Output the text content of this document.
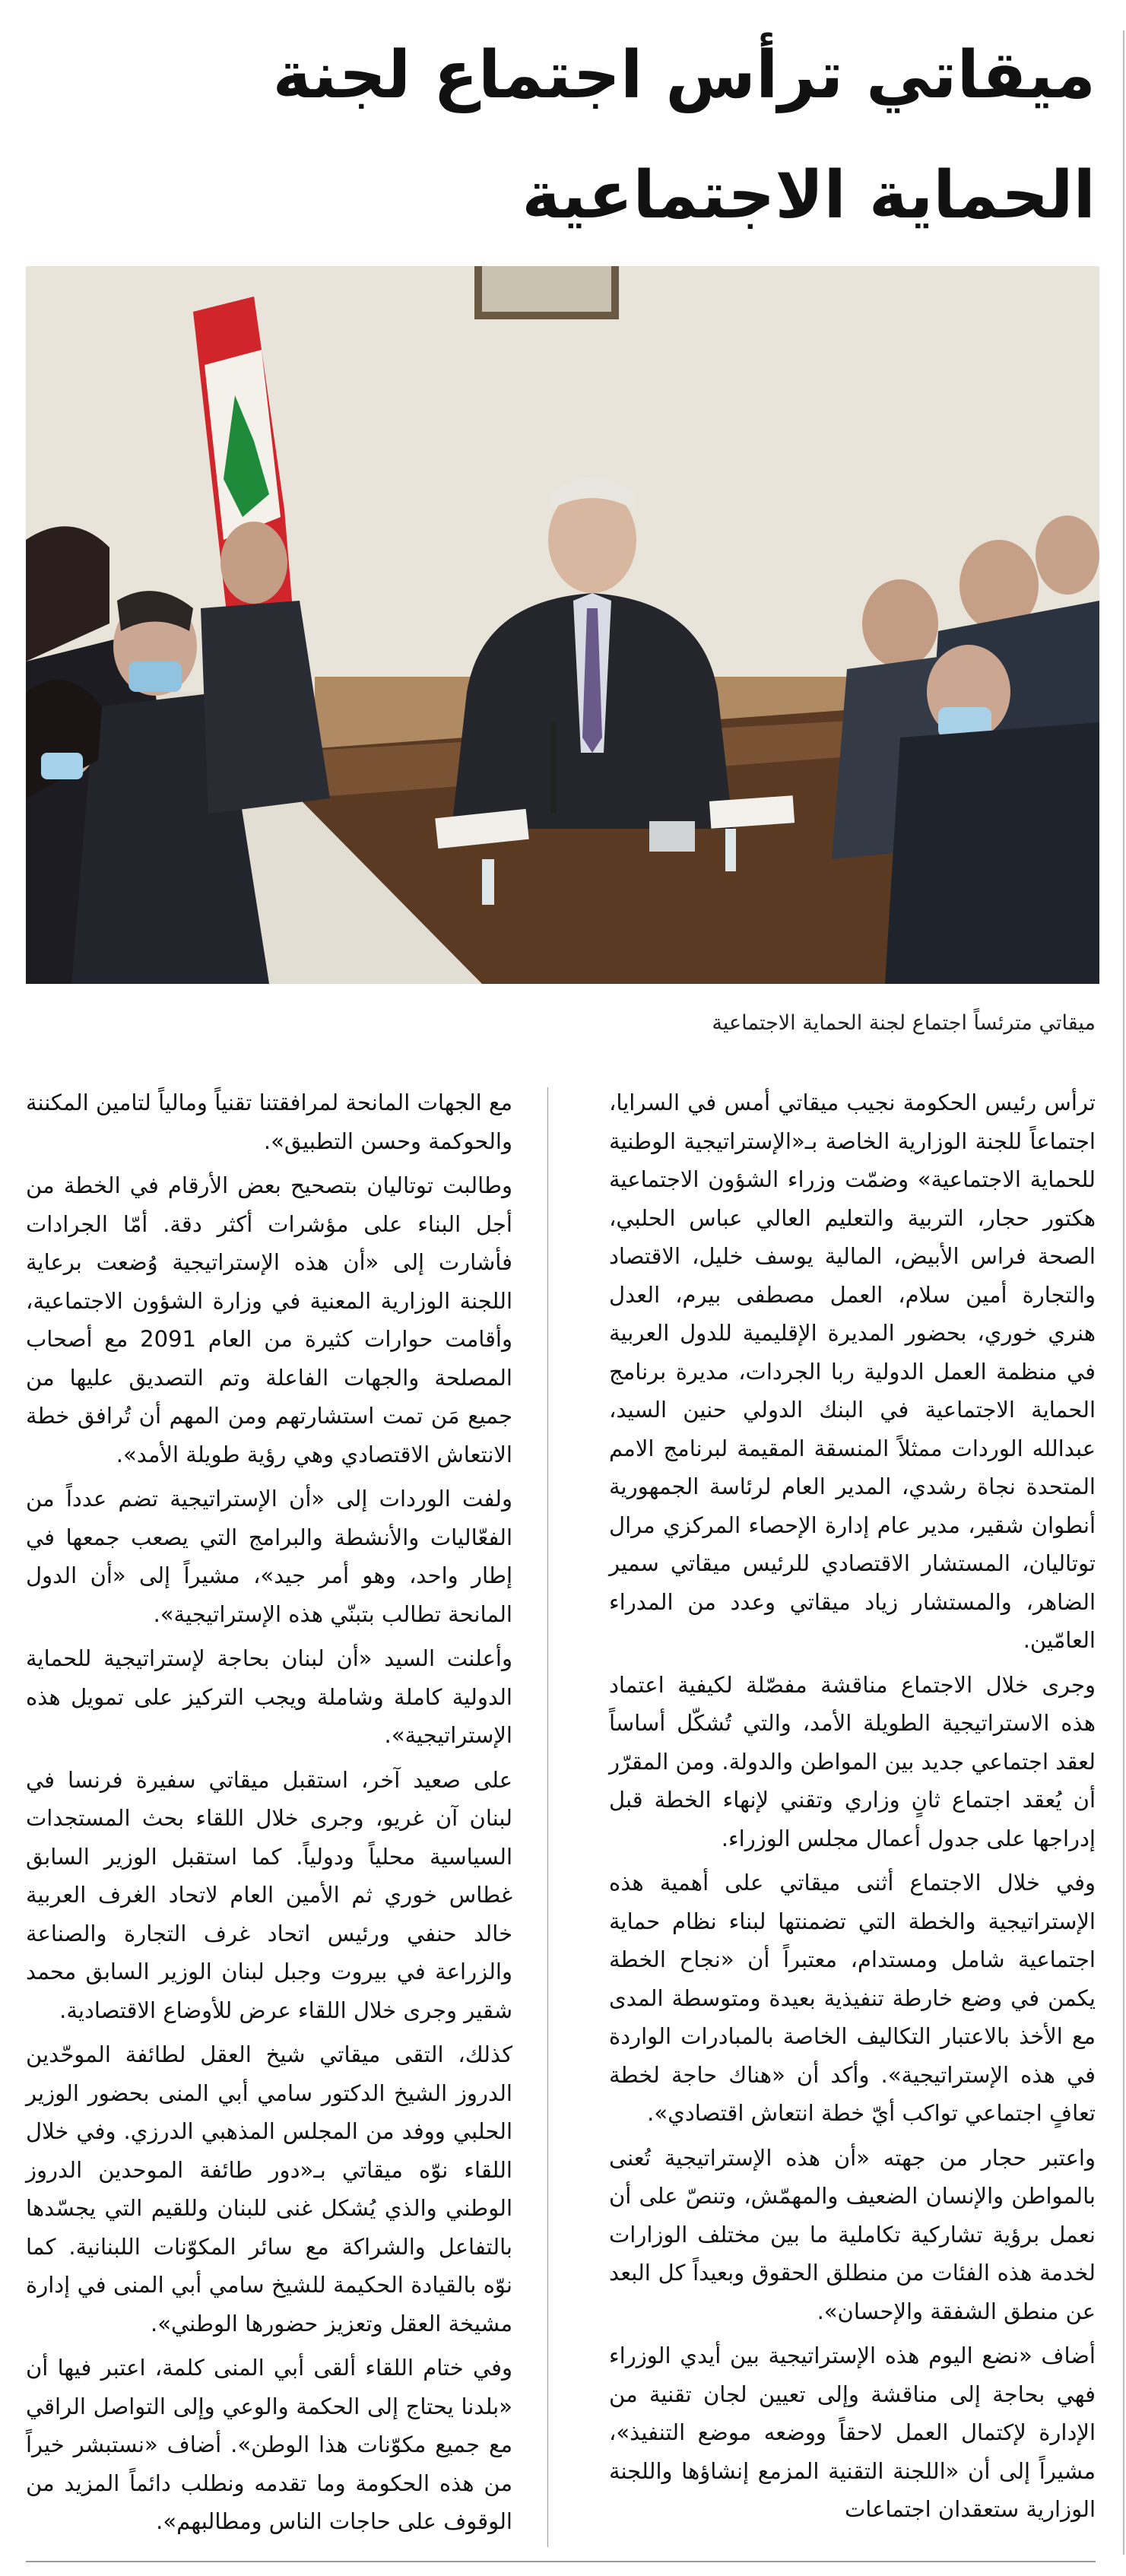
ميقاتي ترأس اجتماع لجنة الحماية الاجتماعية
ميقاتي مترئساً اجتماع لجنة الحماية الاجتماعية

ترأس رئيس الحكومة نجيب ميقاتي أمس في السرايا، اجتماعاً للجنة الوزارية الخاصة بـ«الإستراتيجية الوطنية للحماية الاجتماعية» وضمّت وزراء الشؤون الاجتماعية هكتور حجار، التربية والتعليم العالي عباس الحلبي، الصحة فراس الأبيض، المالية يوسف خليل، الاقتصاد والتجارة أمين سلام، العمل مصطفى بيرم، العدل هنري خوري، بحضور المديرة الإقليمية للدول العربية في منظمة العمل الدولية ربا الجردات، مديرة برنامج الحماية الاجتماعية في البنك الدولي حنين السيد، عبدالله الوردات ممثلاً المنسقة المقيمة لبرنامج الامم المتحدة نجاة رشدي، المدير العام لرئاسة الجمهورية أنطوان شقير، مدير عام إدارة الإحصاء المركزي مرال توتاليان، المستشار الاقتصادي للرئيس ميقاتي سمير الضاهر، والمستشار زياد ميقاتي وعدد من المدراء العامّين.

وجرى خلال الاجتماع مناقشة مفصّلة لكيفية اعتماد هذه الاستراتيجية الطويلة الأمد، والتي تُشكّل أساساً لعقد اجتماعي جديد بين المواطن والدولة. ومن المقرّر أن يُعقد اجتماع ثانٍ وزاري وتقني لإنهاء الخطة قبل إدراجها على جدول أعمال مجلس الوزراء.

وفي خلال الاجتماع أثنى ميقاتي على أهمية هذه الإستراتيجية والخطة التي تضمنتها لبناء نظام حماية اجتماعية شامل ومستدام، معتبراً أن «نجاح الخطة يكمن في وضع خارطة تنفيذية بعيدة ومتوسطة المدى مع الأخذ بالاعتبار التكاليف الخاصة بالمبادرات الواردة في هذه الإستراتيجية». وأكد أن «هناك حاجة لخطة تعافٍ اجتماعي تواكب أيّ خطة انتعاش اقتصادي».

واعتبر حجار من جهته «أن هذه الإستراتيجية تُعنى بالمواطن والإنسان الضعيف والمهمّش، وتنصّ على أن نعمل برؤية تشاركية تكاملية ما بين مختلف الوزارات لخدمة هذه الفئات من منطلق الحقوق وبعيداً كل البعد عن منطق الشفقة والإحسان».

أضاف «نضع اليوم هذه الإستراتيجية بين أيدي الوزراء فهي بحاجة إلى مناقشة وإلى تعيين لجان تقنية من الإدارة لإكتمال العمل لاحقاً ووضعه موضع التنفيذ»، مشيراً إلى أن «اللجنة التقنية المزمع إنشاؤها واللجنة الوزارية ستعقدان اجتماعات

مع الجهات المانحة لمرافقتنا تقنياً ومالياً لتامين المكننة والحوكمة وحسن التطبيق».

وطالبت توتاليان بتصحيح بعض الأرقام في الخطة من أجل البناء على مؤشرات أكثر دقة. أمّا الجرادات فأشارت إلى «أن هذه الإستراتيجية وُضعت برعاية اللجنة الوزارية المعنية في وزارة الشؤون الاجتماعية، وأقامت حوارات كثيرة من العام 2091 مع أصحاب المصلحة والجهات الفاعلة وتم التصديق عليها من جميع مَن تمت استشارتهم ومن المهم أن تُرافق خطة الانتعاش الاقتصادي وهي رؤية طويلة الأمد».

ولفت الوردات إلى «أن الإستراتيجية تضم عدداً من الفعّاليات والأنشطة والبرامج التي يصعب جمعها في إطار واحد، وهو أمر جيد»، مشيراً إلى «أن الدول المانحة تطالب بتبنّي هذه الإستراتيجية».

وأعلنت السيد «أن لبنان بحاجة لإستراتيجية للحماية الدولية كاملة وشاملة ويجب التركيز على تمويل هذه الإستراتيجية».

على صعيد آخر، استقبل ميقاتي سفيرة فرنسا في لبنان آن غريو، وجرى خلال اللقاء بحث المستجدات السياسية محلياً ودولياً. كما استقبل الوزير السابق غطاس خوري ثم الأمين العام لاتحاد الغرف العربية خالد حنفي ورئيس اتحاد غرف التجارة والصناعة والزراعة في بيروت وجبل لبنان الوزير السابق محمد شقير وجرى خلال اللقاء عرض للأوضاع الاقتصادية.

كذلك، التقى ميقاتي شيخ العقل لطائفة الموحّدين الدروز الشيخ الدكتور سامي أبي المنى بحضور الوزير الحلبي ووفد من المجلس المذهبي الدرزي. وفي خلال اللقاء نوّه ميقاتي بـ«دور طائفة الموحدين الدروز الوطني والذي يُشكل غنى للبنان وللقيم التي يجسّدها بالتفاعل والشراكة مع سائر المكوّنات اللبنانية. كما نوّه بالقيادة الحكيمة للشيخ سامي أبي المنى في إدارة مشيخة العقل وتعزيز حضورها الوطني».

وفي ختام اللقاء ألقى أبي المنى كلمة، اعتبر فيها أن «بلدنا يحتاج إلى الحكمة والوعي وإلى التواصل الراقي مع جميع مكوّنات هذا الوطن». أضاف «نستبشر خيراً من هذه الحكومة وما تقدمه ونطلب دائماً المزيد من الوقوف على حاجات الناس ومطالبهم».
